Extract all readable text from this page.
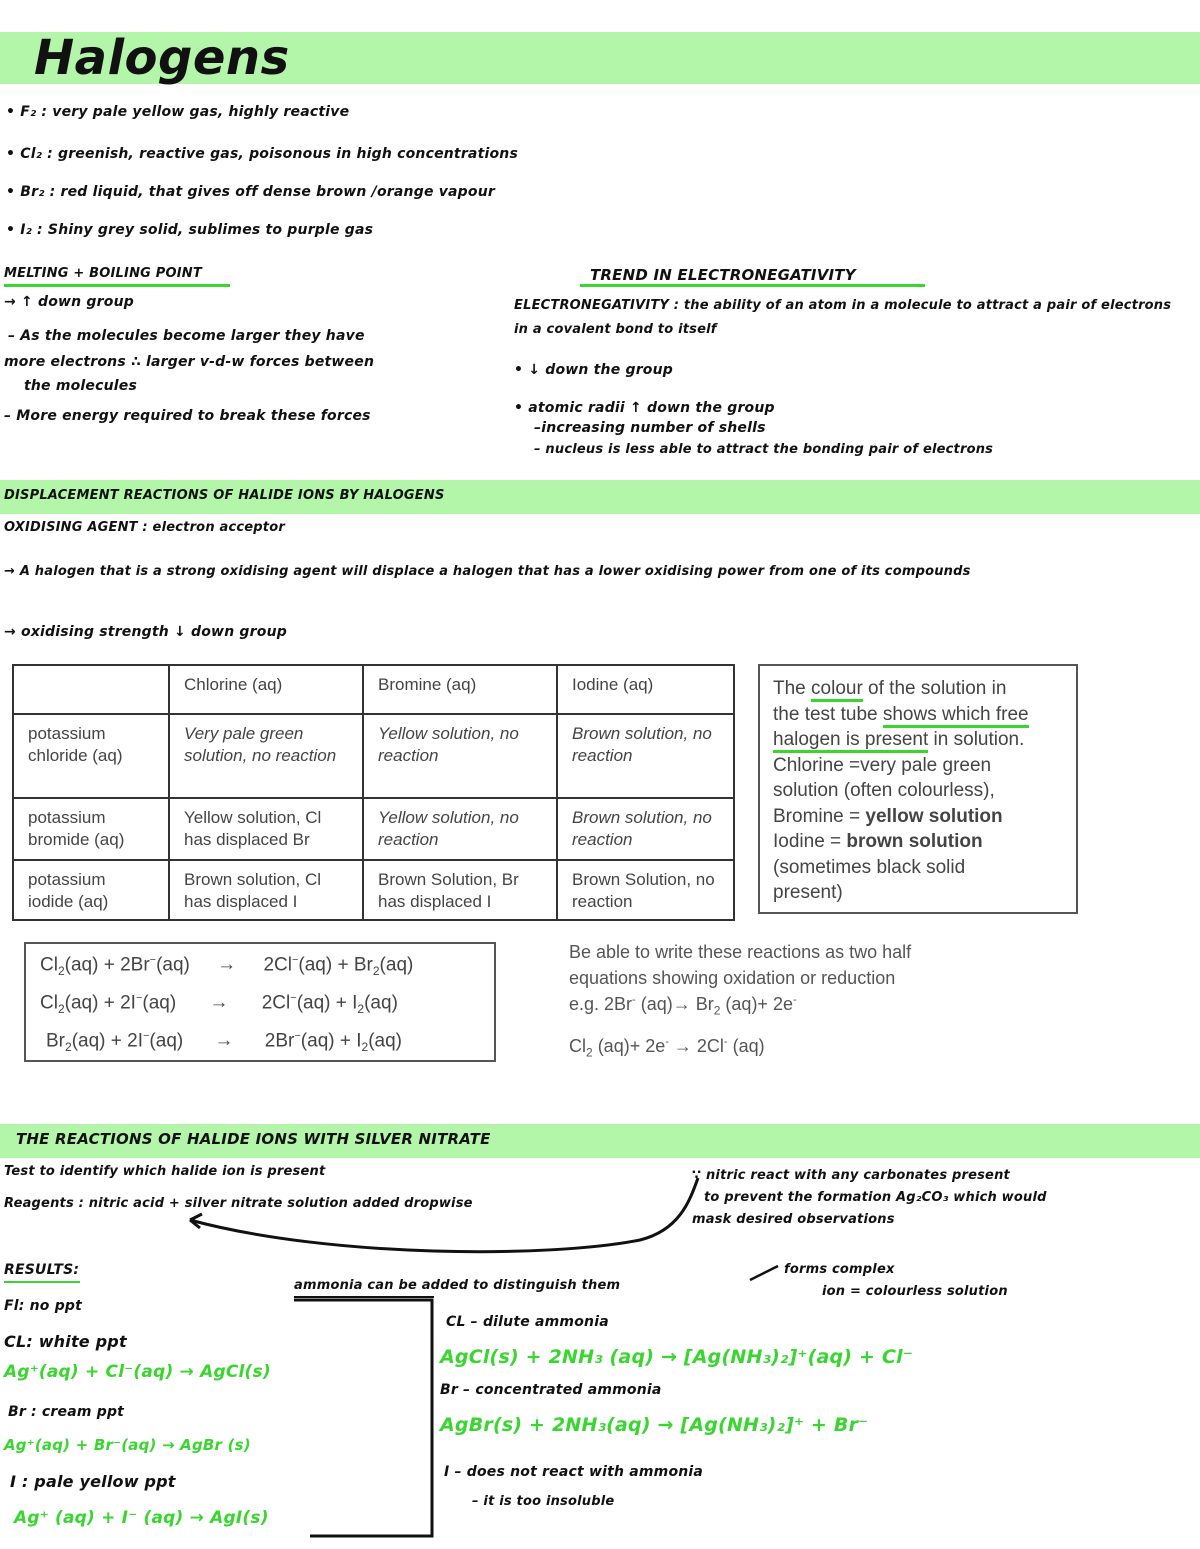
Halogens
• F₂ : very pale yellow gas, highly reactive
• Cl₂ : greenish, reactive gas, poisonous in high concentrations
• Br₂ : red liquid, that gives off dense brown /orange vapour
• I₂ : Shiny grey solid, sublimes to purple gas
MELTING + BOILING POINT
→ ↑ down group
– As the molecules become larger they have
more electrons ∴ larger v-d-w forces between
the molecules
– More energy required to break these forces
TREND IN ELECTRONEGATIVITY
ELECTRONEGATIVITY : the ability of an atom in a molecule to attract a pair of electrons in a covalent bond to itself
• ↓ down the group
• atomic radii ↑ down the group
–increasing number of shells
– nucleus is less able to attract the bonding pair of electrons
DISPLACEMENT REACTIONS OF HALIDE IONS BY HALOGENS
OXIDISING AGENT : electron acceptor
→ A halogen that is a strong oxidising agent will displace a halogen that has a lower oxidising power from one of its compounds
→ oxidising strength ↓ down group
	Chlorine (aq)	Bromine (aq)	Iodine (aq)
potassium chloride (aq)	Very pale green solution, no reaction	Yellow solution, no reaction	Brown solution, no reaction
potassium bromide (aq)	Yellow solution, Cl has displaced Br	Yellow solution, no reaction	Brown solution, no reaction
potassium iodide (aq)	Brown solution, Cl has displaced I	Brown Solution, Br has displaced I	Brown Solution, no reaction
The colour of the solution in
the test tube shows which free
halogen is present in solution.
Chlorine =very pale green
solution (often colourless),
Bromine = yellow solution
Iodine = brown solution
(sometimes black solid
present)
$Cl_2(aq) + 2Br^-(aq) \to 2Cl^-(aq) + Br_2(aq)$
$Cl_2(aq) + 2I^-(aq) \to 2Cl^-(aq) + I_2(aq)$
$Br_2(aq) + 2I^-(aq) \to 2Br^-(aq) + I_2(aq)$
Be able to write these reactions as two half
equations showing oxidation or reduction
e.g. 2Br- $(aq)\to Br_2$ (aq)+ 2e-
$Cl_2$ (aq)+ 2e- → 2Cl- (aq)
THE REACTIONS OF HALIDE IONS WITH SILVER NITRATE
Test to identify which halide ion is present
Reagents : nitric acid + silver nitrate solution added dropwise
∵ nitric react with any carbonates present
to prevent the formation Ag₂CO₃ which would
mask desired observations
RESULTS:
Fl: no ppt
CL: white ppt
Ag⁺(aq) + Cl⁻(aq) → AgCl(s)
Br : cream ppt
Ag⁺(aq) + Br⁻(aq) → AgBr (s)
I : pale yellow ppt
Ag⁺ (aq) + I⁻ (aq) → AgI(s)
ammonia can be added to distinguish them
forms complex
ion = colourless solution
CL – dilute ammonia
AgCl(s) + 2NH₃ (aq) → [Ag(NH₃)₂]⁺(aq) + Cl⁻
Br – concentrated ammonia
AgBr(s) + 2NH₃(aq) → [Ag(NH₃)₂]⁺ + Br⁻
I – does not react with ammonia
– it is too insoluble
